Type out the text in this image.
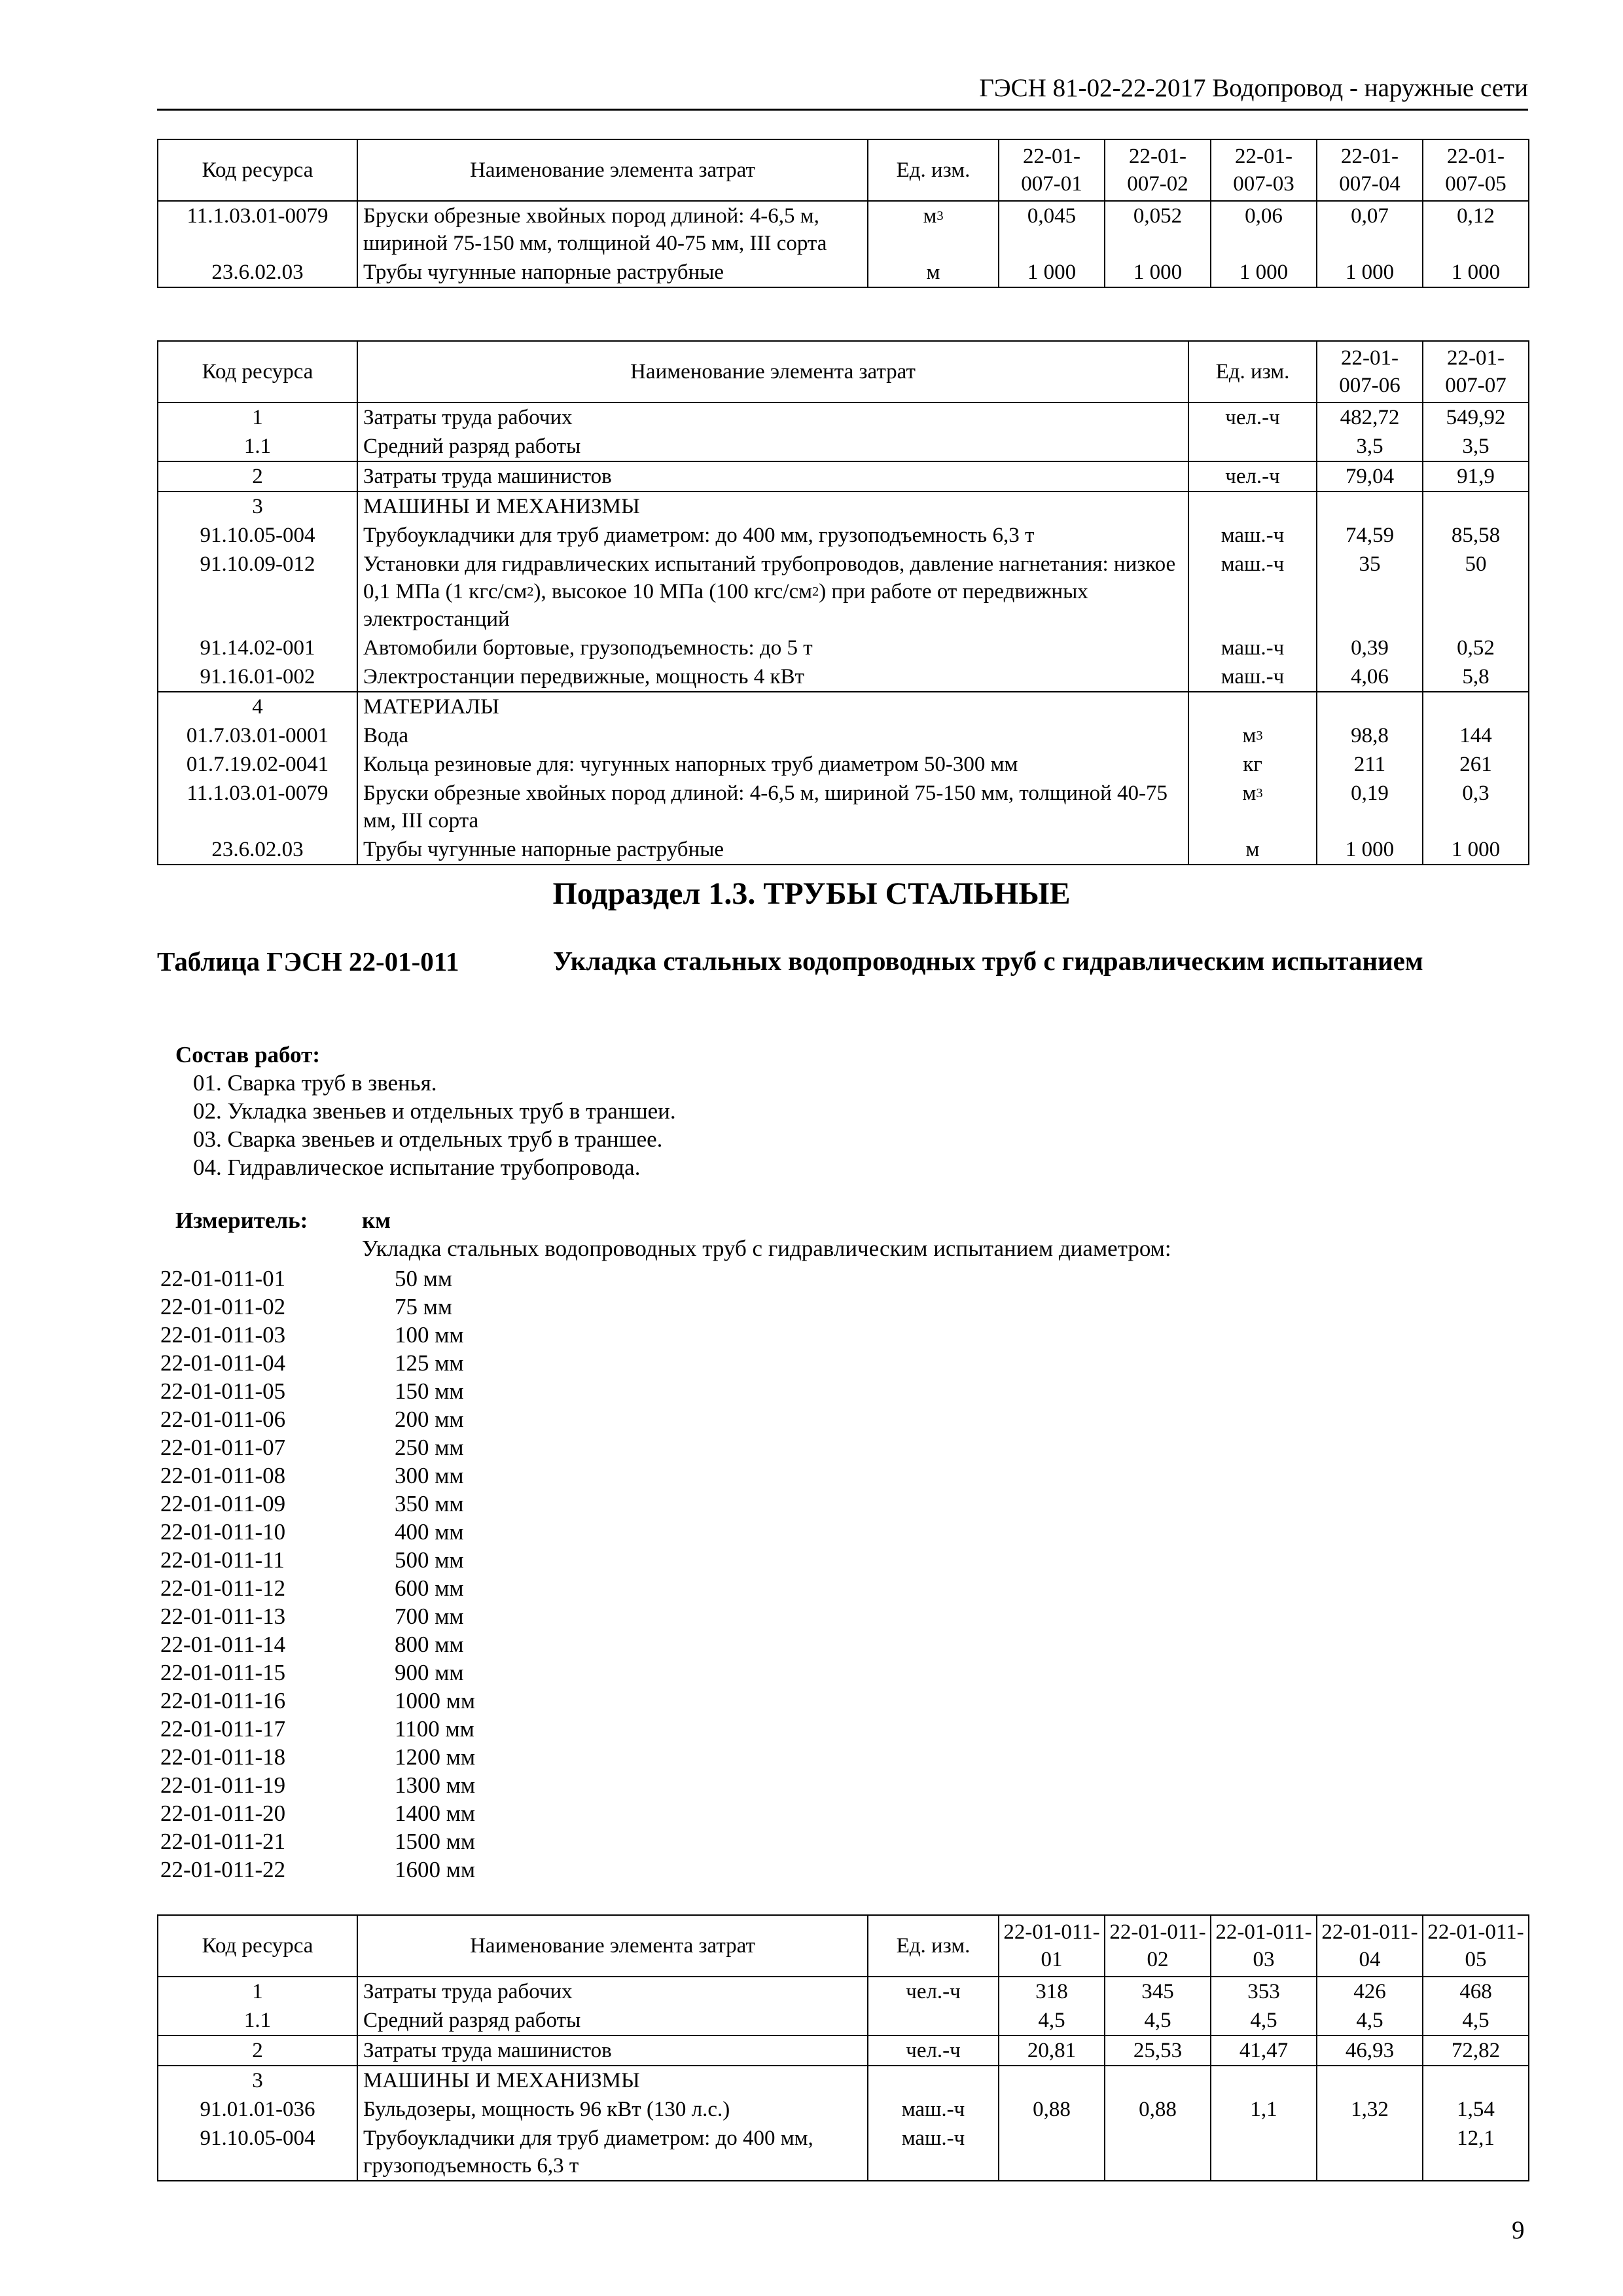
ГЭСН 81-02-22-2017 Водопровод - наружные сети
Код ресурса	Наименование элемента затрат	Ед. изм.	22-01-007-01	22-01-007-02	22-01-007-03	22-01-007-04	22-01-007-05
11.1.03.01-0079	Бруски обрезные хвойных пород длиной: 4-6,5 м, шириной 75-150 мм, толщиной 40-75 мм, III сорта	$м^3$	0,045	0,052	0,06	0,07	0,12
23.6.02.03	Трубы чугунные напорные раструбные	м	1 000	1 000	1 000	1 000	1 000
Код ресурса	Наименование элемента затрат	Ед. изм.	22-01-007-06	22-01-007-07
1	Затраты труда рабочих	чел.-ч	482,72	549,92
1.1	Средний разряд работы		3,5	3,5
2	Затраты труда машинистов	чел.-ч	79,04	91,9
3	МАШИНЫ И МЕХАНИЗМЫ			
91.10.05-004	Трубоукладчики для труб диаметром: до 400 мм, грузоподъемность 6,3 т	маш.-ч	74,59	85,58
91.10.09-012	Установки для гидравлических испытаний трубопроводов, давление нагнетания: низкое 0,1 МПа (1 кгс/$см^2$), высокое 10 МПа (100 кгс/$см^2$) при работе от передвижных электростанций	маш.-ч	35	50
91.14.02-001	Автомобили бортовые, грузоподъемность: до 5 т	маш.-ч	0,39	0,52
91.16.01-002	Электростанции передвижные, мощность 4 кВт	маш.-ч	4,06	5,8
4	МАТЕРИАЛЫ			
01.7.03.01-0001	Вода	$м^3$	98,8	144
01.7.19.02-0041	Кольца резиновые для: чугунных напорных труб диаметром 50-300 мм	кг	211	261
11.1.03.01-0079	Бруски обрезные хвойных пород длиной: 4-6,5 м, шириной 75-150 мм, толщиной 40-75 мм, III сорта	$м^3$	0,19	0,3
23.6.02.03	Трубы чугунные напорные раструбные	м	1 000	1 000
Подраздел 1.3. ТРУБЫ СТАЛЬНЫЕ
Таблица ГЭСН 22-01-011	Укладка стальных водопроводных труб с гидравлическим испытанием
Состав работ:
01. Сварка труб в звенья.
02. Укладка звеньев и отдельных труб в траншеи.
03. Сварка звеньев и отдельных труб в траншее.
04. Гидравлическое испытание трубопровода.
Измеритель: км
Укладка стальных водопроводных труб с гидравлическим испытанием диаметром:
22-01-011-01	50 мм
22-01-011-02	75 мм
22-01-011-03	100 мм
22-01-011-04	125 мм
22-01-011-05	150 мм
22-01-011-06	200 мм
22-01-011-07	250 мм
22-01-011-08	300 мм
22-01-011-09	350 мм
22-01-011-10	400 мм
22-01-011-11	500 мм
22-01-011-12	600 мм
22-01-011-13	700 мм
22-01-011-14	800 мм
22-01-011-15	900 мм
22-01-011-16	1000 мм
22-01-011-17	1100 мм
22-01-011-18	1200 мм
22-01-011-19	1300 мм
22-01-011-20	1400 мм
22-01-011-21	1500 мм
22-01-011-22	1600 мм
Код ресурса	Наименование элемента затрат	Ед. изм.	22-01-011-01	22-01-011-02	22-01-011-03	22-01-011-04	22-01-011-05
1	Затраты труда рабочих	чел.-ч	318	345	353	426	468
1.1	Средний разряд работы		4,5	4,5	4,5	4,5	4,5
2	Затраты труда машинистов	чел.-ч	20,81	25,53	41,47	46,93	72,82
3	МАШИНЫ И МЕХАНИЗМЫ						
91.01.01-036	Бульдозеры, мощность 96 кВт (130 л.с.)	маш.-ч	0,88	0,88	1,1	1,32	1,54
91.10.05-004	Трубоукладчики для труб диаметром: до 400 мм, грузоподъемность 6,3 т	маш.-ч					12,1
9
